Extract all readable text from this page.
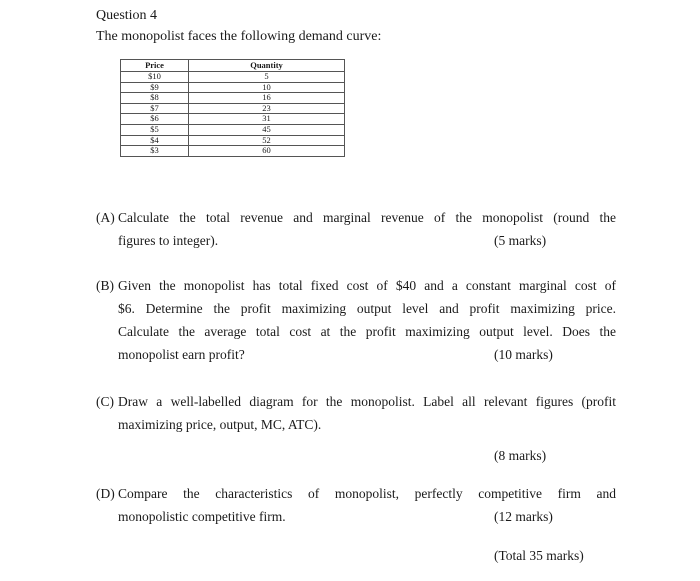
Question 4
The monopolist faces the following demand curve:
Price	Quantity
$10	5
$9	10
$8	16
$7	23
$6	31
$5	45
$4	52
$3	60
(A) Calculate the total revenue and marginal revenue of the monopolist (round the
figures to integer).	(5 marks)
(B) Given the monopolist has total fixed cost of $40 and a constant marginal cost of
$6. Determine the profit maximizing output level and profit maximizing price.
Calculate the average total cost at the profit maximizing output level. Does the
monopolist earn profit?	(10 marks)
(C) Draw a well-labelled diagram for the monopolist. Label all relevant figures (profit
maximizing price, output, MC, ATC).
(8 marks)
(D) Compare the characteristics of monopolist, perfectly competitive firm and
monopolistic competitive firm.	(12 marks)
(Total 35 marks)
